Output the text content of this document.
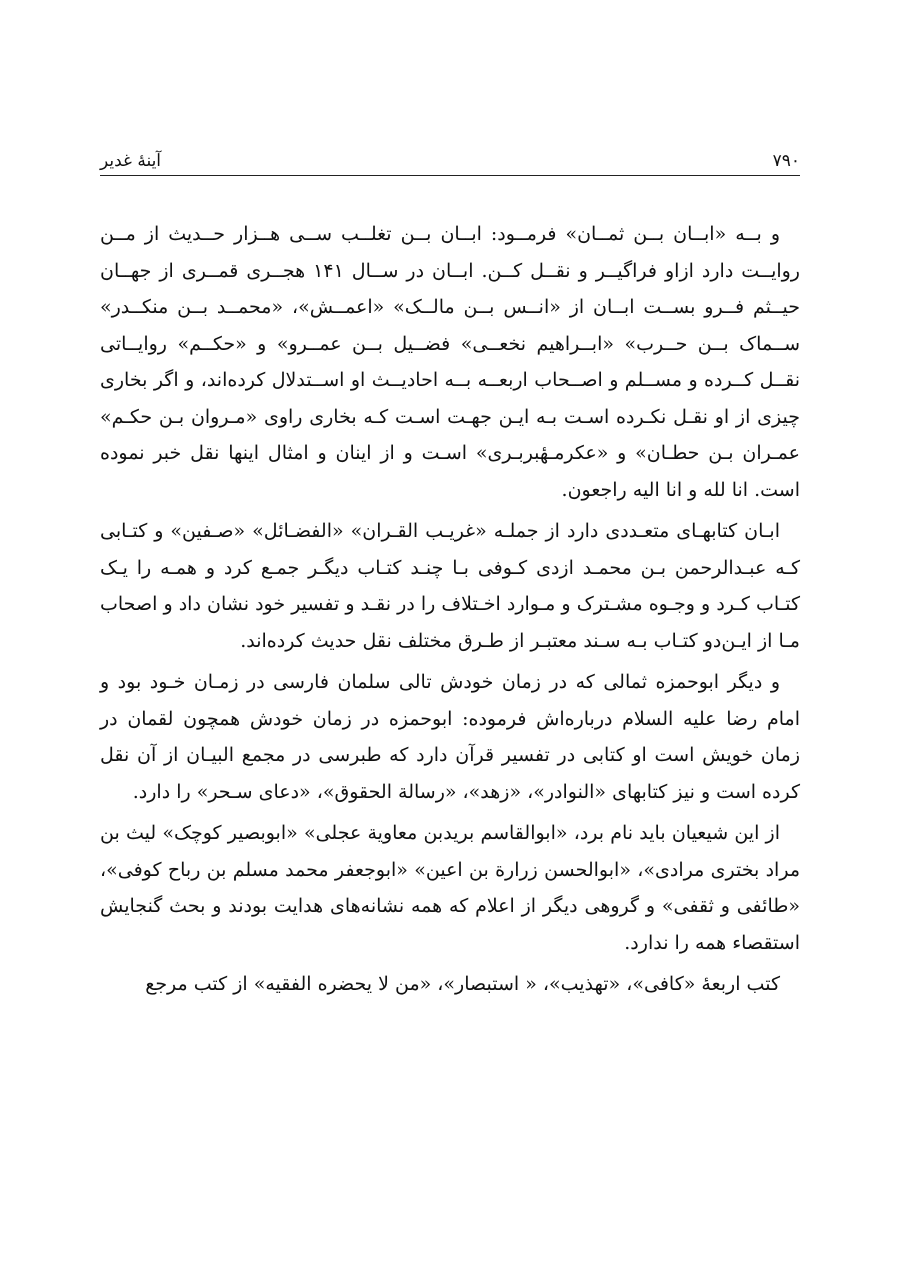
۷۹۰
آینهٔ غدیر

و بــه «ابــان بــن ثمــان» فرمــود: ابــان بــن تغلــب ســی هــزار حــدیث از مــن روایــت دارد ازاو فراگیــر و نقــل کــن. ابــان در ســال ۱۴۱ هجــری قمــری از جهــان حیــثم فــرو بســت ابــان از «انــس بــن مالــک» «اعمــش»، «محمــد بــن منکــدر» ســماک بــن حــرب» «ابــراهیم نخعــی» فضــیل بــن عمــرو» و «حکــم» روایــاتی نقــل کــرده و مســلم و اصــحاب اربعــه بــه احادیــث او اســتدلال کرده‌اند، و اگر بخاری چیزی از او نقـل نکـرده اسـت بـه ایـن جهـت اسـت کـه بخاری راوی «مـروان بـن حکـم» عمـران بـن حطـان» و «عکرمـهٔبربـری» اسـت و از اینان و امثال اینها نقل خبر نموده است. انا لله و انا الیه راجعون.

ابـان کتابهـای متعـددی دارد از جملـه «غریـب القـران» «الفضـائل» «صـفین» و کتـابی کـه عبـدالرحمن بـن محمـد ازدی کـوفی بـا چنـد کتـاب دیگـر جمـع کرد و همـه را یـک کتـاب کـرد و وجـوه مشـترک و مـوارد اخـتلاف را در نقـد و تفسیر خود نشان داد و اصحاب مـا از ایـن‌دو کتـاب بـه سـند معتبـر از طـرق مختلف نقل حدیث کرده‌اند.

و دیگر ابوحمزه ثمالی که در زمان خودش تالی سلمان فارسی در زمـان خـود بود و امام رضا علیه السلام درباره‌اش فرموده: ابوحمزه در زمان خودش همچون لقمان در زمان خویش است او کتابی در تفسیر قرآن دارد که طبرسی در مجمع البیـان از آن نقل کرده است و نیز کتابهای «النوادر»، «زهد»، «رسالة الحقوق»، «دعای سـحر» را دارد.

از این شیعیان باید نام برد، «ابوالقاسم بریدبن معاویة عجلی» «ابوبصیر کوچک» لیث بن مراد بختری مرادی»، «ابوالحسن زرارة بن اعین» «ابوجعفر محمد مسلم بن رباح کوفی»، «طائفی و ثقفی» و گروهی دیگر از اعلام که همه نشانه‌های هدایت بودند و بحث گنجایش استقصاء همه را ندارد.

کتب اربعهٔ «کافی»، «تهذیب»، « استبصار»، «من لا یحضره الفقیه» از کتب مرجع
